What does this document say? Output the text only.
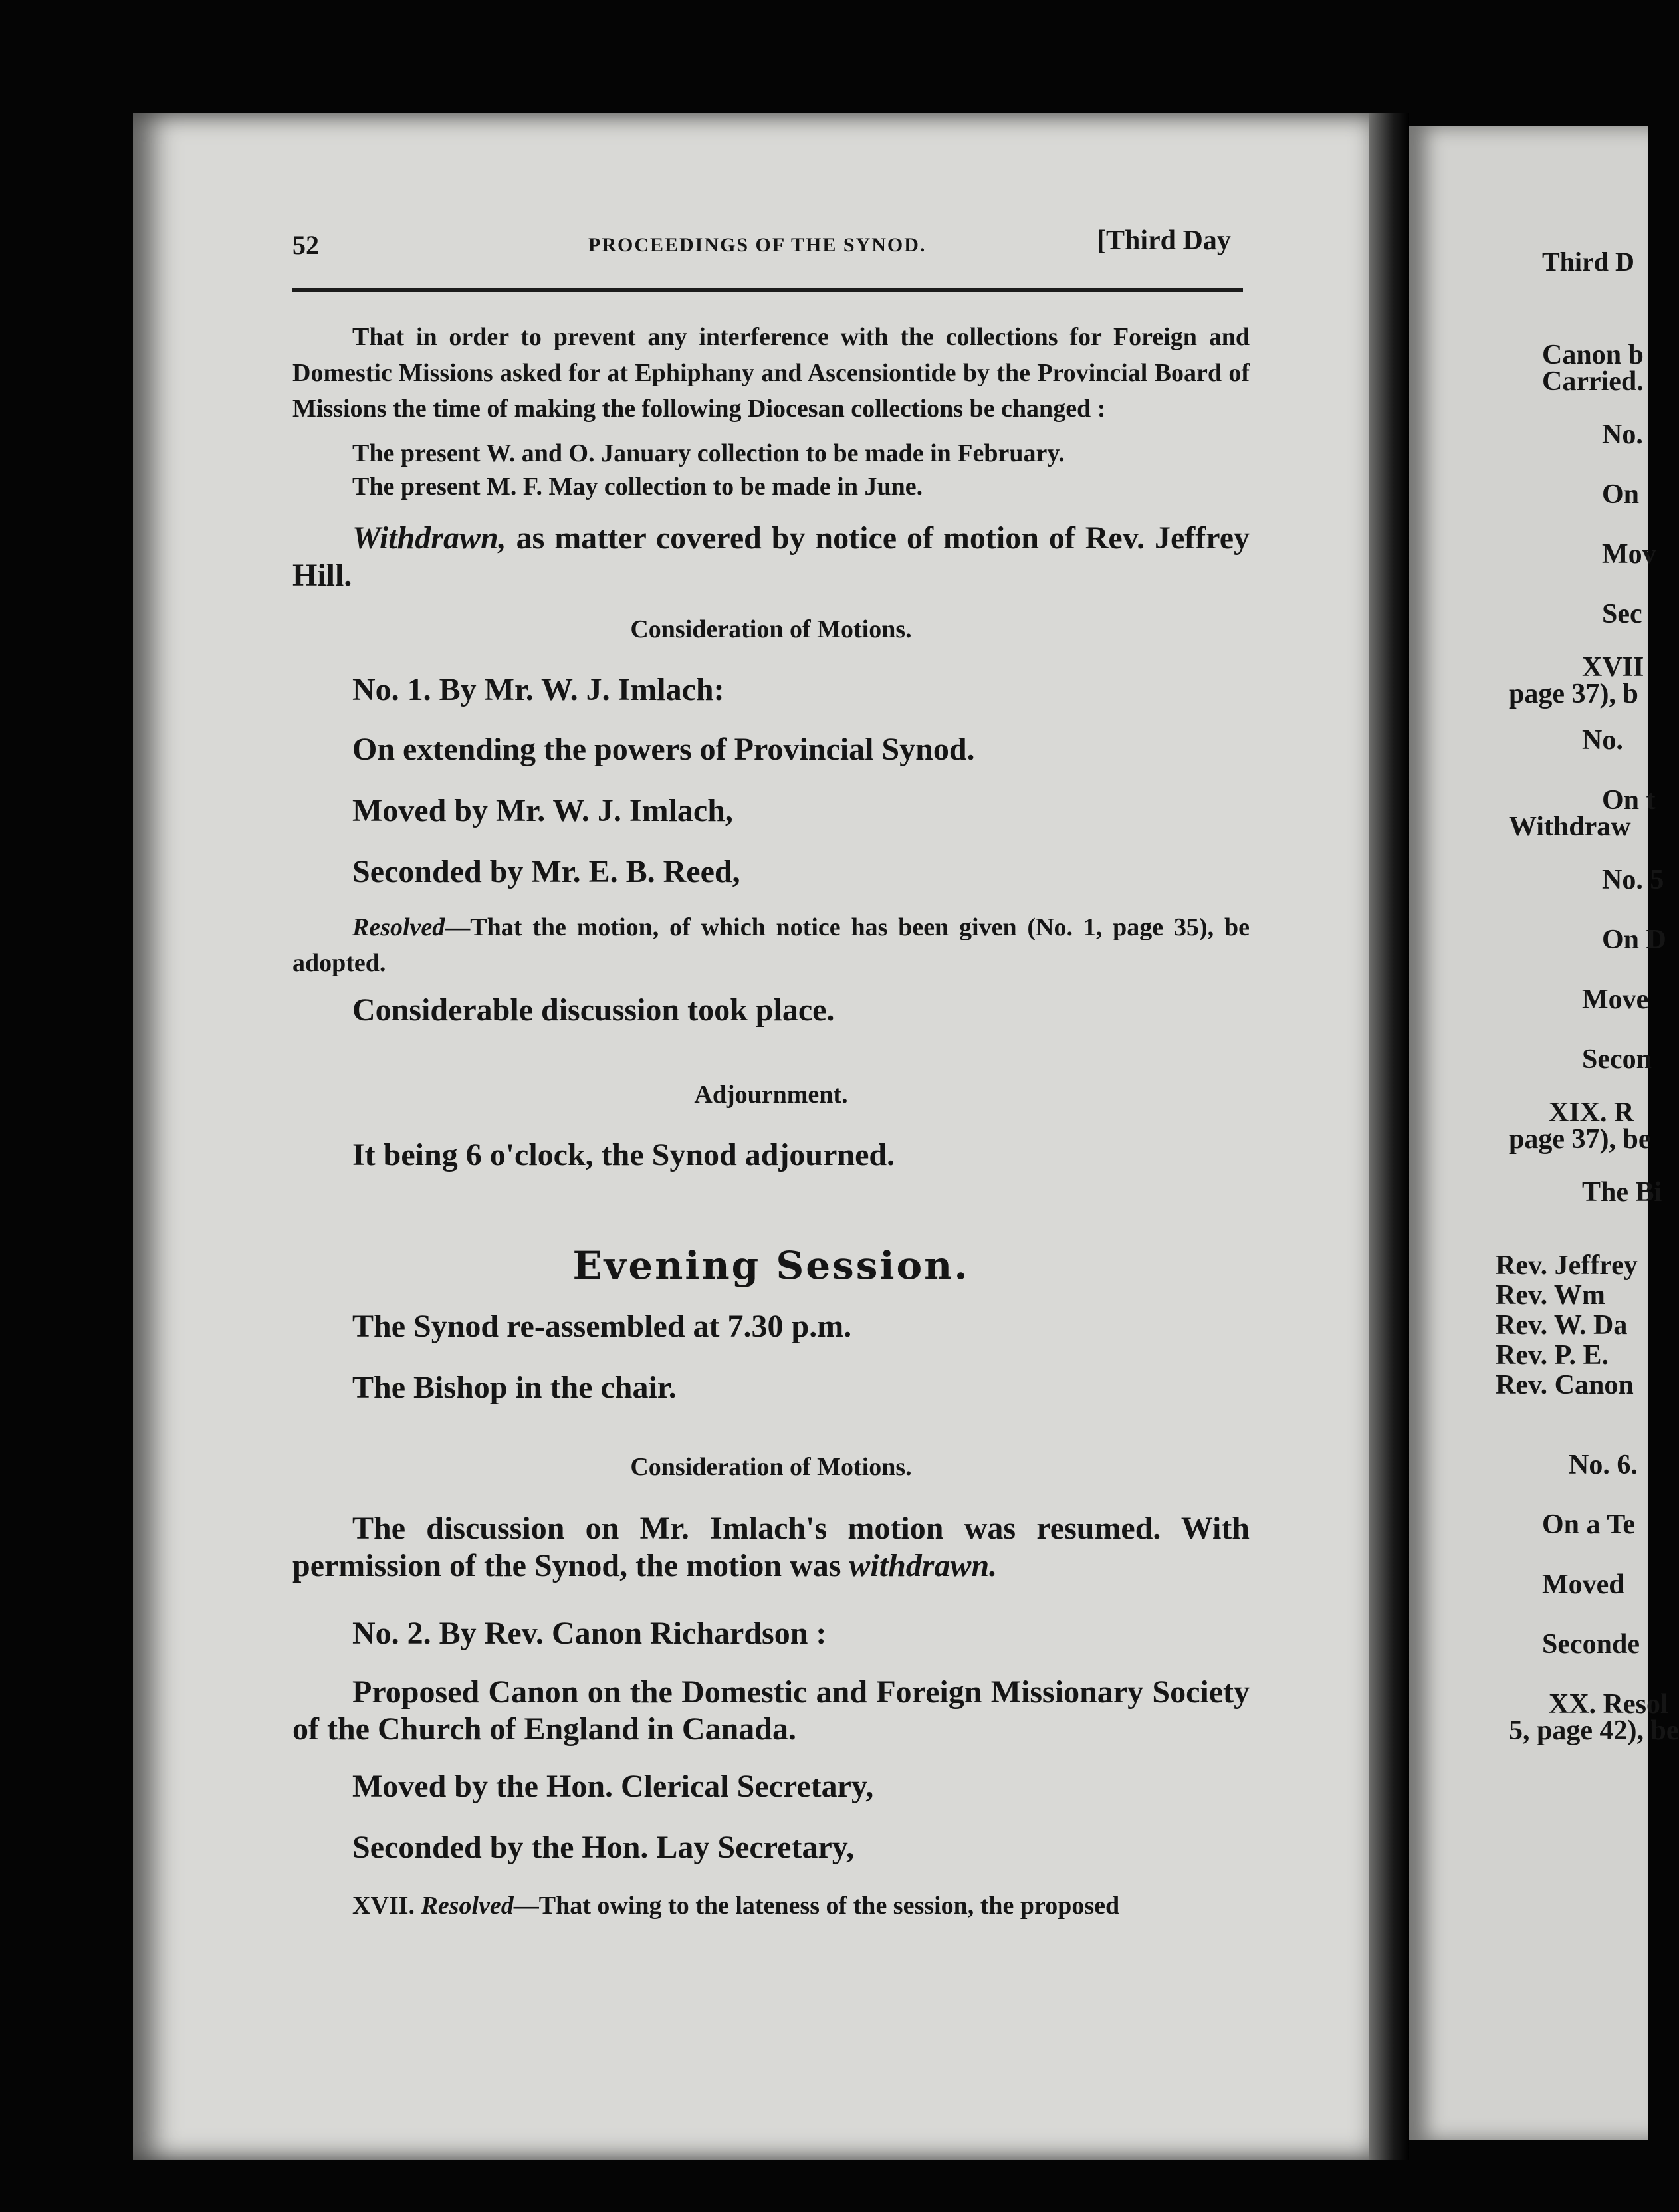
52	PROCEEDINGS OF THE SYNOD.	[Third Day
That in order to prevent any interference with the collections for Foreign and Domestic Missions asked for at Ephiphany and Ascensiontide by the Provincial Board of Missions the time of making the following Diocesan collections be changed :
The present W. and O. January collection to be made in February.
The present M. F. May collection to be made in June.
Withdrawn, as matter covered by notice of motion of Rev. Jeffrey Hill.
Consideration of Motions.
No. 1. By Mr. W. J. Imlach:
On extending the powers of Provincial Synod.
Moved by Mr. W. J. Imlach,
Seconded by Mr. E. B. Reed,
Resolved—That the motion, of which notice has been given (No. 1, page 35), be adopted.
Considerable discussion took place.
Adjournment.
It being 6 o'clock, the Synod adjourned.
Evening Session.
The Synod re-assembled at 7.30 p.m.
The Bishop in the chair.
Consideration of Motions.
The discussion on Mr. Imlach's motion was resumed. With permission of the Synod, the motion was withdrawn.
No. 2. By Rev. Canon Richardson :
Proposed Canon on the Domestic and Foreign Missionary Society of the Church of England in Canada.
Moved by the Hon. Clerical Secretary,
Seconded by the Hon. Lay Secretary,
XVII. Resolved—That owing to the lateness of the session, the proposed
Third D
Canon b
Carried.
No.
On
Mov
Sec
XVII
page 37), b
No.
On t
Withdraw
No. 5
On D
Move
Secon
XIX. R
page 37), be
The Bi
Rev. Jeffrey
Rev. Wm
Rev. W. Da
Rev. P. E.
Rev. Canon
No. 6.
On a Te
Moved
Seconde
XX. Resol
5, page 42), be
